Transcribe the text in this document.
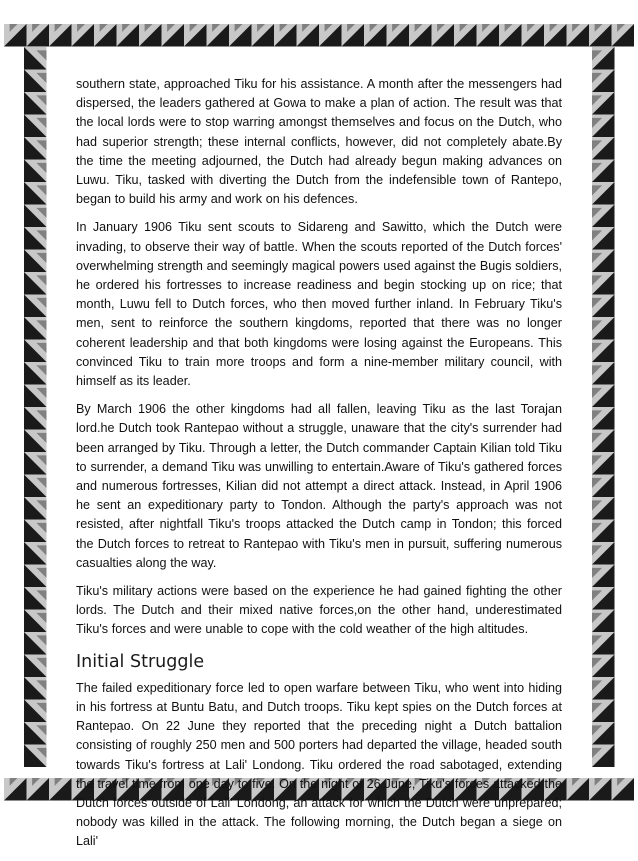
southern state, approached Tiku for his assistance. A month after the messengers had dispersed, the leaders gathered at Gowa to make a plan of action. The result was that the local lords were to stop warring amongst themselves and focus on the Dutch, who had superior strength; these internal conflicts, however, did not completely abate.By the time the meeting adjourned, the Dutch had already begun making advances on Luwu. Tiku, tasked with diverting the Dutch from the indefensible town of Rantepo, began to build his army and work on his defences.

In January 1906 Tiku sent scouts to Sidareng and Sawitto, which the Dutch were invading, to observe their way of battle. When the scouts reported of the Dutch forces' overwhelming strength and seemingly magical powers used against the Bugis soldiers, he ordered his fortresses to increase readiness and begin stocking up on rice; that month, Luwu fell to Dutch forces, who then moved further inland. In February Tiku's men, sent to reinforce the southern kingdoms, reported that there was no longer coherent leadership and that both kingdoms were losing against the Europeans. This convinced Tiku to train more troops and form a nine-member military council, with himself as its leader.

By March 1906 the other kingdoms had all fallen, leaving Tiku as the last Torajan lord.he Dutch took Rantepao without a struggle, unaware that the city's surrender had been arranged by Tiku. Through a letter, the Dutch commander Captain Kilian told Tiku to surrender, a demand Tiku was unwilling to entertain.Aware of Tiku's gathered forces and numerous fortresses, Kilian did not attempt a direct attack. Instead, in April 1906 he sent an expeditionary party to Tondon. Although the party's approach was not resisted, after nightfall Tiku's troops attacked the Dutch camp in Tondon; this forced the Dutch forces to retreat to Rantepao with Tiku's men in pursuit, suffering numerous casualties along the way.

Tiku's military actions were based on the experience he had gained fighting the other lords. The Dutch and their mixed native forces,on the other hand, underestimated Tiku's forces and were unable to cope with the cold weather of the high altitudes.

Initial Struggle

The failed expeditionary force led to open warfare between Tiku, who went into hiding in his fortress at Buntu Batu, and Dutch troops. Tiku kept spies on the Dutch forces at Rantepao. On 22 June they reported that the preceding night a Dutch battalion consisting of roughly 250 men and 500 porters had departed the village, headed south towards Tiku's fortress at Lali' Londong. Tiku ordered the road sabotaged, extending the travel time from one day to five. On the night of 26 June, Tiku's forces attacked the Dutch forces outside of Lali' Londong, an attack for which the Dutch were unprepared; nobody was killed in the attack. The following morning, the Dutch began a siege on Lali'
